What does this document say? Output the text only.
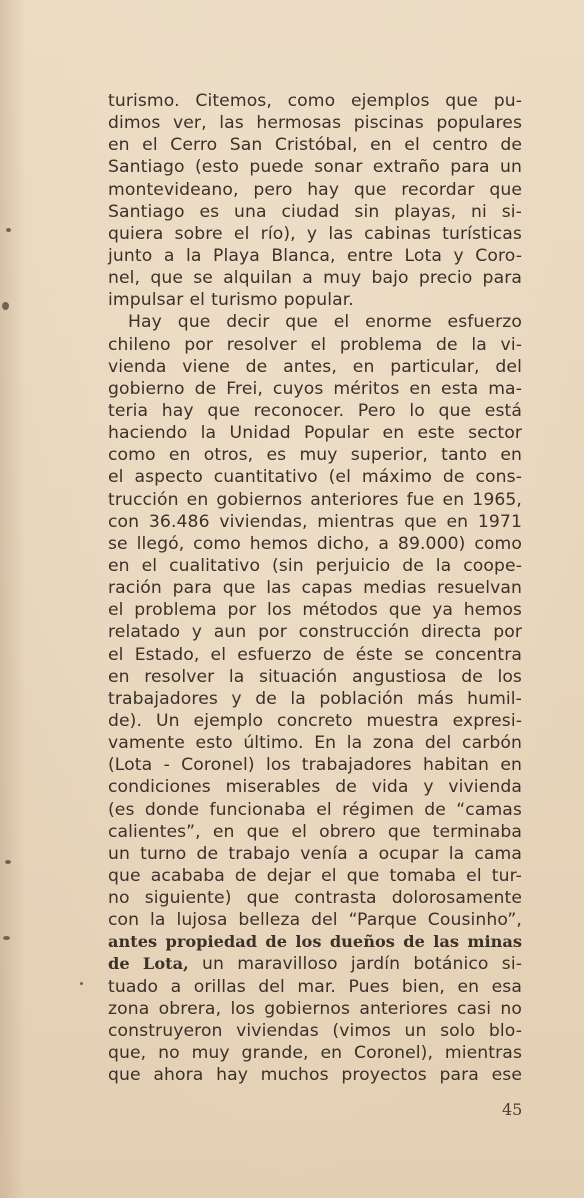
turismo. Citemos, como ejemplos que pu-
dimos ver, las hermosas piscinas populares
en el Cerro San Cristóbal, en el centro de
Santiago (esto puede sonar extraño para un
montevideano, pero hay que recordar que
Santiago es una ciudad sin playas, ni si-
quiera sobre el río), y las cabinas turísticas
junto a la Playa Blanca, entre Lota y Coro-
nel, que se alquilan a muy bajo precio para
impulsar el turismo popular.
Hay que decir que el enorme esfuerzo
chileno por resolver el problema de la vi-
vienda viene de antes, en particular, del
gobierno de Frei, cuyos méritos en esta ma-
teria hay que reconocer. Pero lo que está
haciendo la Unidad Popular en este sector
como en otros, es muy superior, tanto en
el aspecto cuantitativo (el máximo de cons-
trucción en gobiernos anteriores fue en 1965,
con 36.486 viviendas, mientras que en 1971
se llegó, como hemos dicho, a 89.000) como
en el cualitativo (sin perjuicio de la coope-
ración para que las capas medias resuelvan
el problema por los métodos que ya hemos
relatado y aun por construcción directa por
el Estado, el esfuerzo de éste se concentra
en resolver la situación angustiosa de los
trabajadores y de la población más humil-
de). Un ejemplo concreto muestra expresi-
vamente esto último. En la zona del carbón
(Lota - Coronel) los trabajadores habitan en
condiciones miserables de vida y vivienda
(es donde funcionaba el régimen de “camas
calientes”, en que el obrero que terminaba
un turno de trabajo venía a ocupar la cama
que acababa de dejar el que tomaba el tur-
no siguiente) que contrasta dolorosamente
con la lujosa belleza del “Parque Cousinho”,
antes propiedad de los dueños de las minas
de Lota, un maravilloso jardín botánico si-
tuado a orillas del mar. Pues bien, en esa
zona obrera, los gobiernos anteriores casi no
construyeron viviendas (vimos un solo blo-
que, no muy grande, en Coronel), mientras
que ahora hay muchos proyectos para ese
45
